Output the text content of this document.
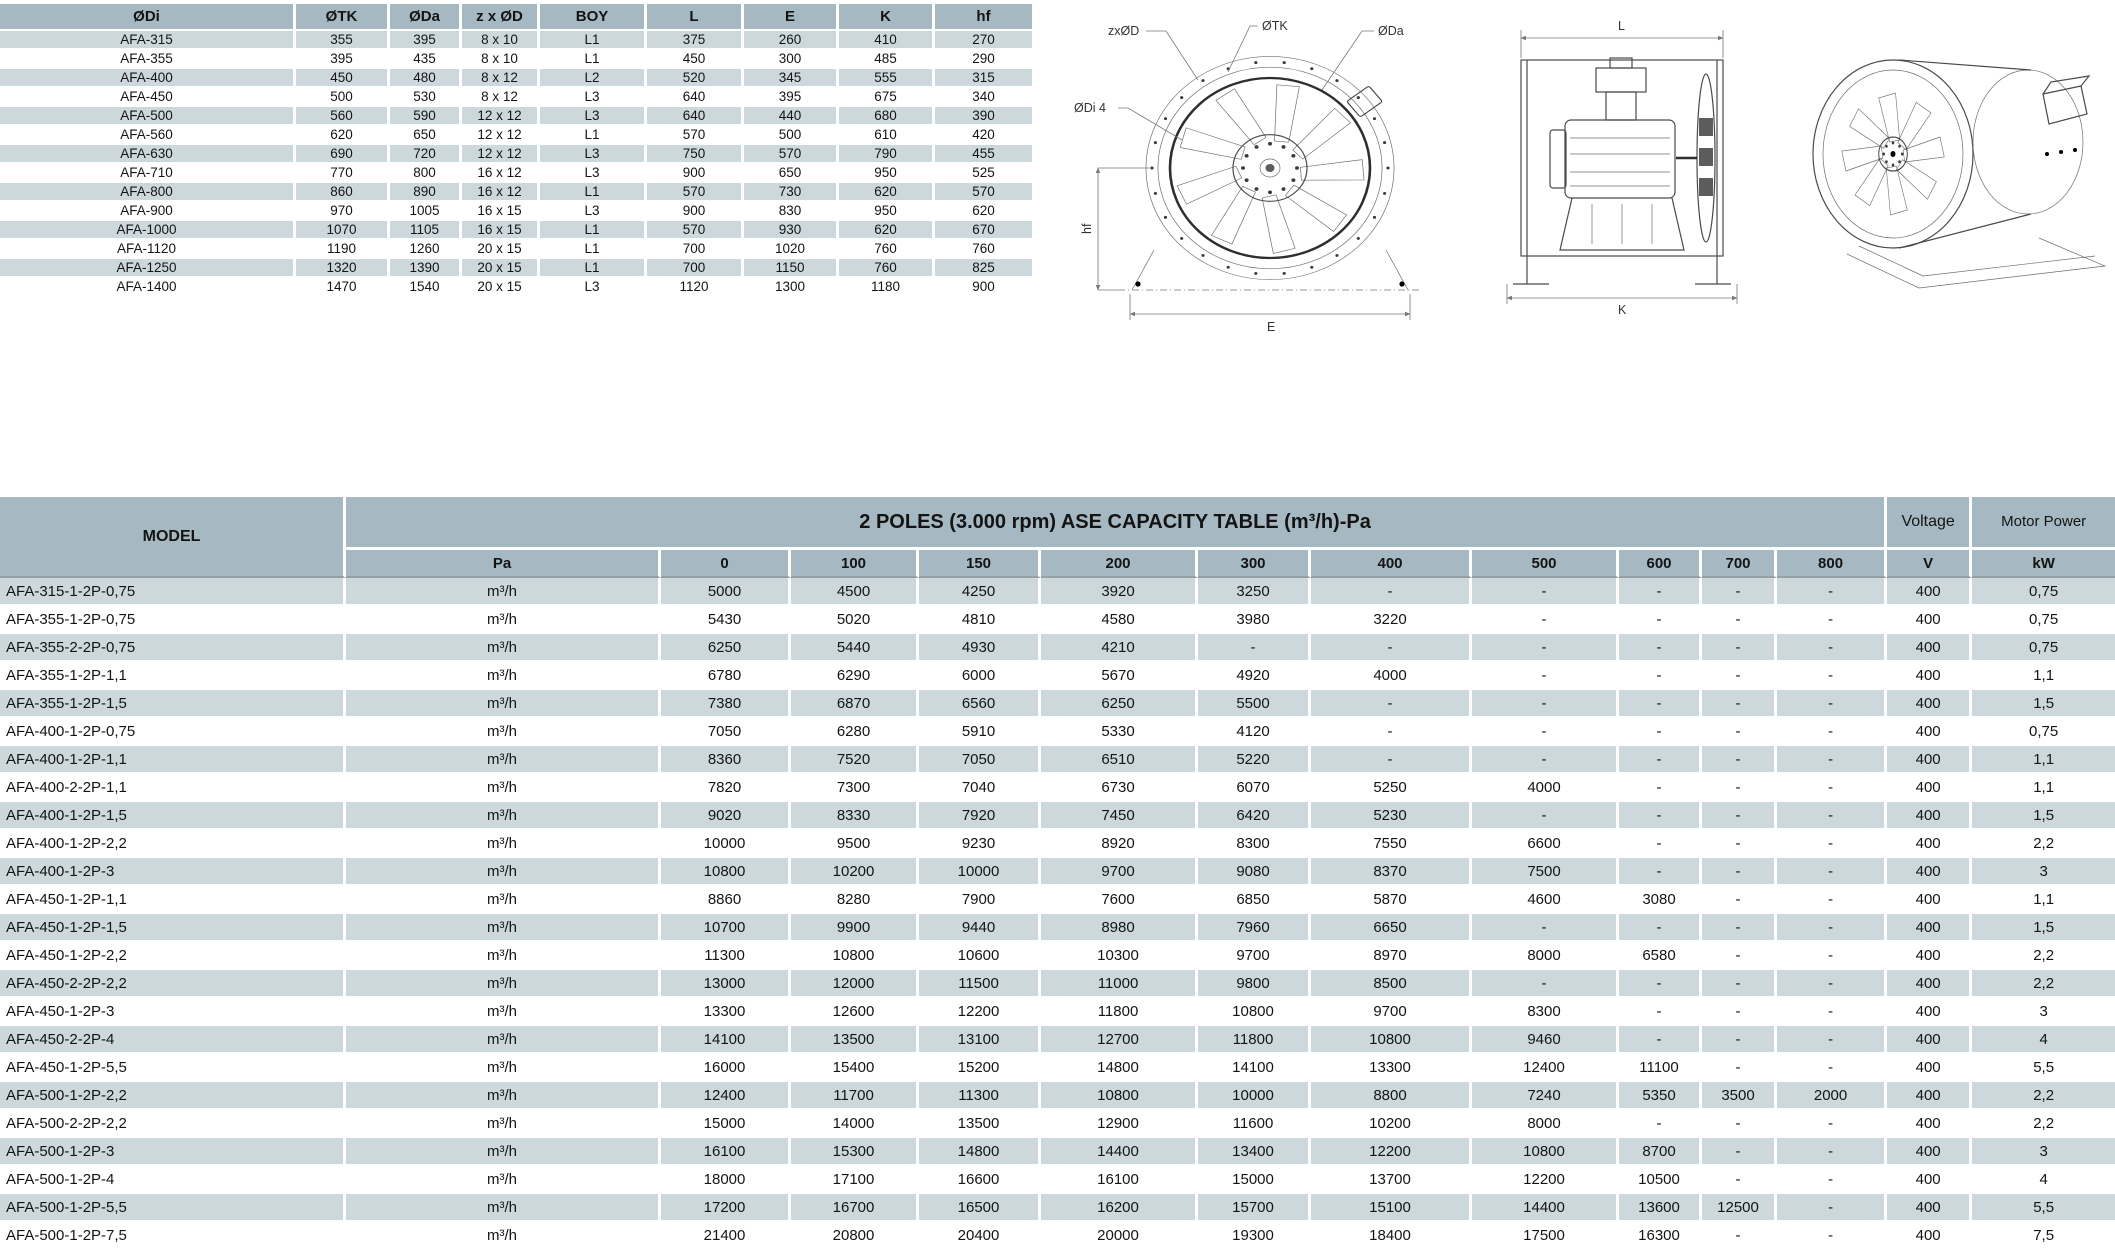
ØDi	ØTK	ØDa	z x ØD	BOY	L	E	K	hf
AFA-315	355	395	8 x 10	L1	375	260	410	270
AFA-355	395	435	8 x 10	L1	450	300	485	290
AFA-400	450	480	8 x 12	L2	520	345	555	315
AFA-450	500	530	8 x 12	L3	640	395	675	340
AFA-500	560	590	12 x 12	L3	640	440	680	390
AFA-560	620	650	12 x 12	L1	570	500	610	420
AFA-630	690	720	12 x 12	L3	750	570	790	455
AFA-710	770	800	16 x 12	L3	900	650	950	525
AFA-800	860	890	16 x 12	L1	570	730	620	570
AFA-900	970	1005	16 x 15	L3	900	830	950	620
AFA-1000	1070	1105	16 x 15	L1	570	930	620	670
AFA-1120	1190	1260	20 x 15	L1	700	1020	760	760
AFA-1250	1320	1390	20 x 15	L1	700	1150	760	825
AFA-1400	1470	1540	20 x 15	L3	1120	1300	1180	900
E
hf
zxØD	ØTK	ØDa
ØDi 4
L
K
MODEL	2 POLES (3.000 rpm) ASE CAPACITY TABLE (m³/h)-Pa											Voltage	Motor Power
	Pa	0	100	150	200	300	400	500	600	700	800	V	kW
AFA-315-1-2P-0,75	m³/h	5000	4500	4250	3920	3250	-	-	-	-	-	400	0,75
AFA-355-1-2P-0,75	m³/h	5430	5020	4810	4580	3980	3220	-	-	-	-	400	0,75
AFA-355-2-2P-0,75	m³/h	6250	5440	4930	4210	-	-	-	-	-	-	400	0,75
AFA-355-1-2P-1,1	m³/h	6780	6290	6000	5670	4920	4000	-	-	-	-	400	1,1
AFA-355-1-2P-1,5	m³/h	7380	6870	6560	6250	5500	-	-	-	-	-	400	1,5
AFA-400-1-2P-0,75	m³/h	7050	6280	5910	5330	4120	-	-	-	-	-	400	0,75
AFA-400-1-2P-1,1	m³/h	8360	7520	7050	6510	5220	-	-	-	-	-	400	1,1
AFA-400-2-2P-1,1	m³/h	7820	7300	7040	6730	6070	5250	4000	-	-	-	400	1,1
AFA-400-1-2P-1,5	m³/h	9020	8330	7920	7450	6420	5230	-	-	-	-	400	1,5
AFA-400-1-2P-2,2	m³/h	10000	9500	9230	8920	8300	7550	6600	-	-	-	400	2,2
AFA-400-1-2P-3	m³/h	10800	10200	10000	9700	9080	8370	7500	-	-	-	400	3
AFA-450-1-2P-1,1	m³/h	8860	8280	7900	7600	6850	5870	4600	3080	-	-	400	1,1
AFA-450-1-2P-1,5	m³/h	10700	9900	9440	8980	7960	6650	-	-	-	-	400	1,5
AFA-450-1-2P-2,2	m³/h	11300	10800	10600	10300	9700	8970	8000	6580	-	-	400	2,2
AFA-450-2-2P-2,2	m³/h	13000	12000	11500	11000	9800	8500	-	-	-	-	400	2,2
AFA-450-1-2P-3	m³/h	13300	12600	12200	11800	10800	9700	8300	-	-	-	400	3
AFA-450-2-2P-4	m³/h	14100	13500	13100	12700	11800	10800	9460	-	-	-	400	4
AFA-450-1-2P-5,5	m³/h	16000	15400	15200	14800	14100	13300	12400	11100	-	-	400	5,5
AFA-500-1-2P-2,2	m³/h	12400	11700	11300	10800	10000	8800	7240	5350	3500	2000	400	2,2
AFA-500-2-2P-2,2	m³/h	15000	14000	13500	12900	11600	10200	8000	-	-	-	400	2,2
AFA-500-1-2P-3	m³/h	16100	15300	14800	14400	13400	12200	10800	8700	-	-	400	3
AFA-500-1-2P-4	m³/h	18000	17100	16600	16100	15000	13700	12200	10500	-	-	400	4
AFA-500-1-2P-5,5	m³/h	17200	16700	16500	16200	15700	15100	14400	13600	12500	-	400	5,5
AFA-500-1-2P-7,5	m³/h	21400	20800	20400	20000	19300	18400	17500	16300	-	-	400	7,5
